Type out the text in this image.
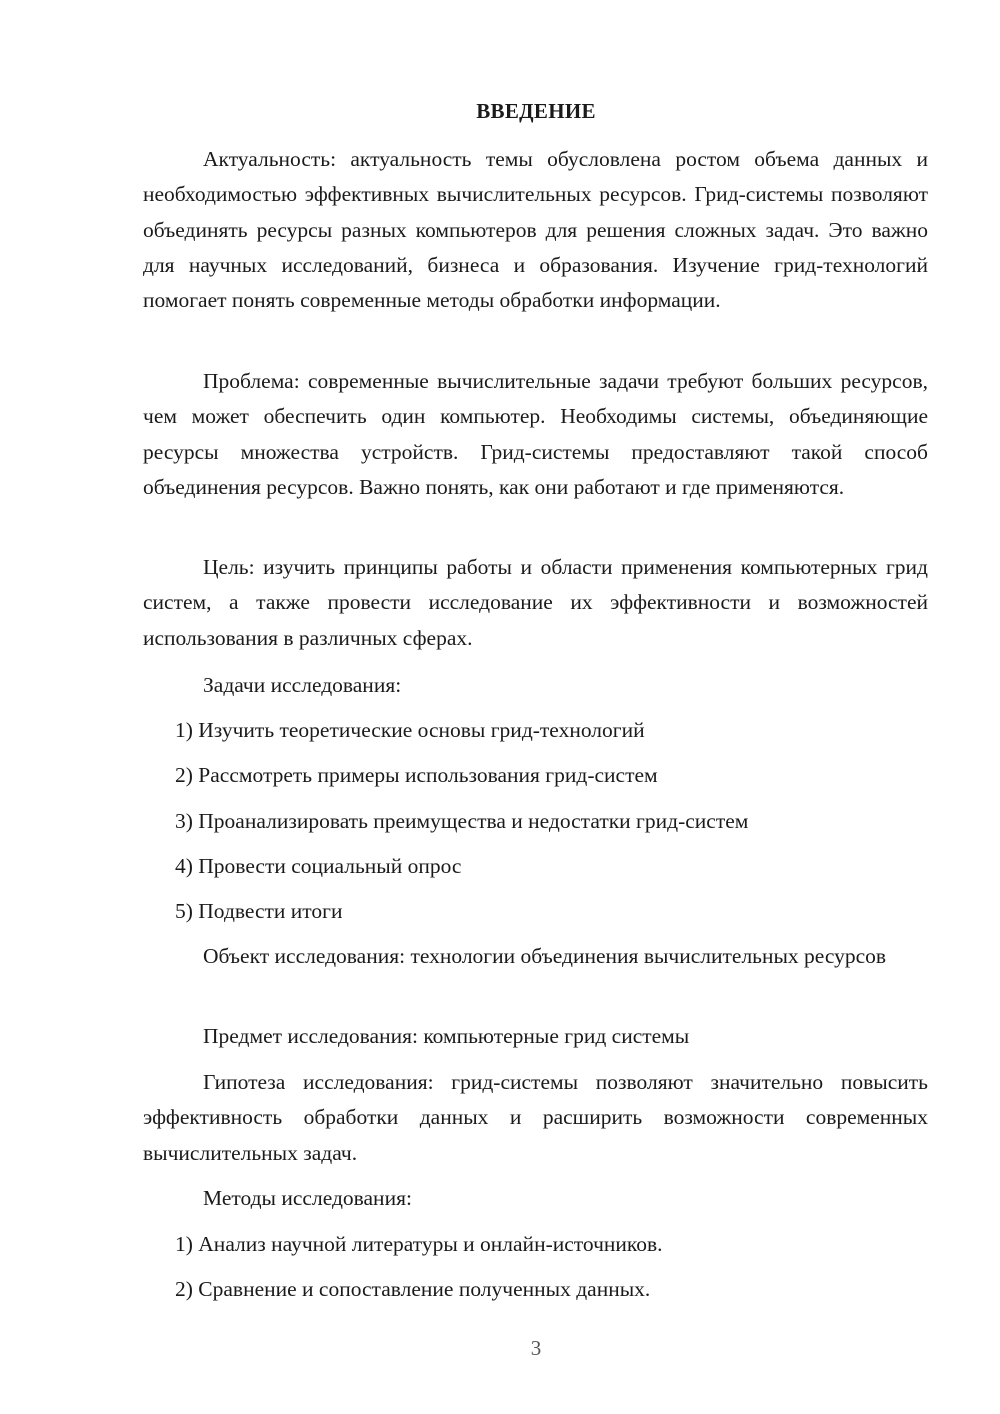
ВВЕДЕНИЕ

Актуальность: актуальность темы обусловлена ростом объема данных и необходимостью эффективных вычислительных ресурсов. Грид-системы позволяют объединять ресурсы разных компьютеров для решения сложных задач. Это важно для научных исследований, бизнеса и образования. Изучение грид-технологий помогает понять современные методы обработки информации.

Проблема: современные вычислительные задачи требуют больших ресурсов, чем может обеспечить один компьютер. Необходимы системы, объединяющие ресурсы множества устройств. Грид-системы предоставляют такой способ объединения ресурсов. Важно понять, как они работают и где применяются.

Цель: изучить принципы работы и области применения компьютерных грид систем, а также провести исследование их эффективности и возможностей использования в различных сферах.

Задачи исследования:
1) Изучить теоретические основы грид-технологий
2) Рассмотреть примеры использования грид-систем
3) Проанализировать преимущества и недостатки грид-систем
4) Провести социальный опрос
5) Подвести итоги

Объект исследования: технологии объединения вычислительных ресурсов

Предмет исследования: компьютерные грид системы

Гипотеза исследования: грид-системы позволяют значительно повысить эффективность обработки данных и расширить возможности современных вычислительных задач.

Методы исследования:
1) Анализ научной литературы и онлайн-источников.
2) Сравнение и сопоставление полученных данных.
3
